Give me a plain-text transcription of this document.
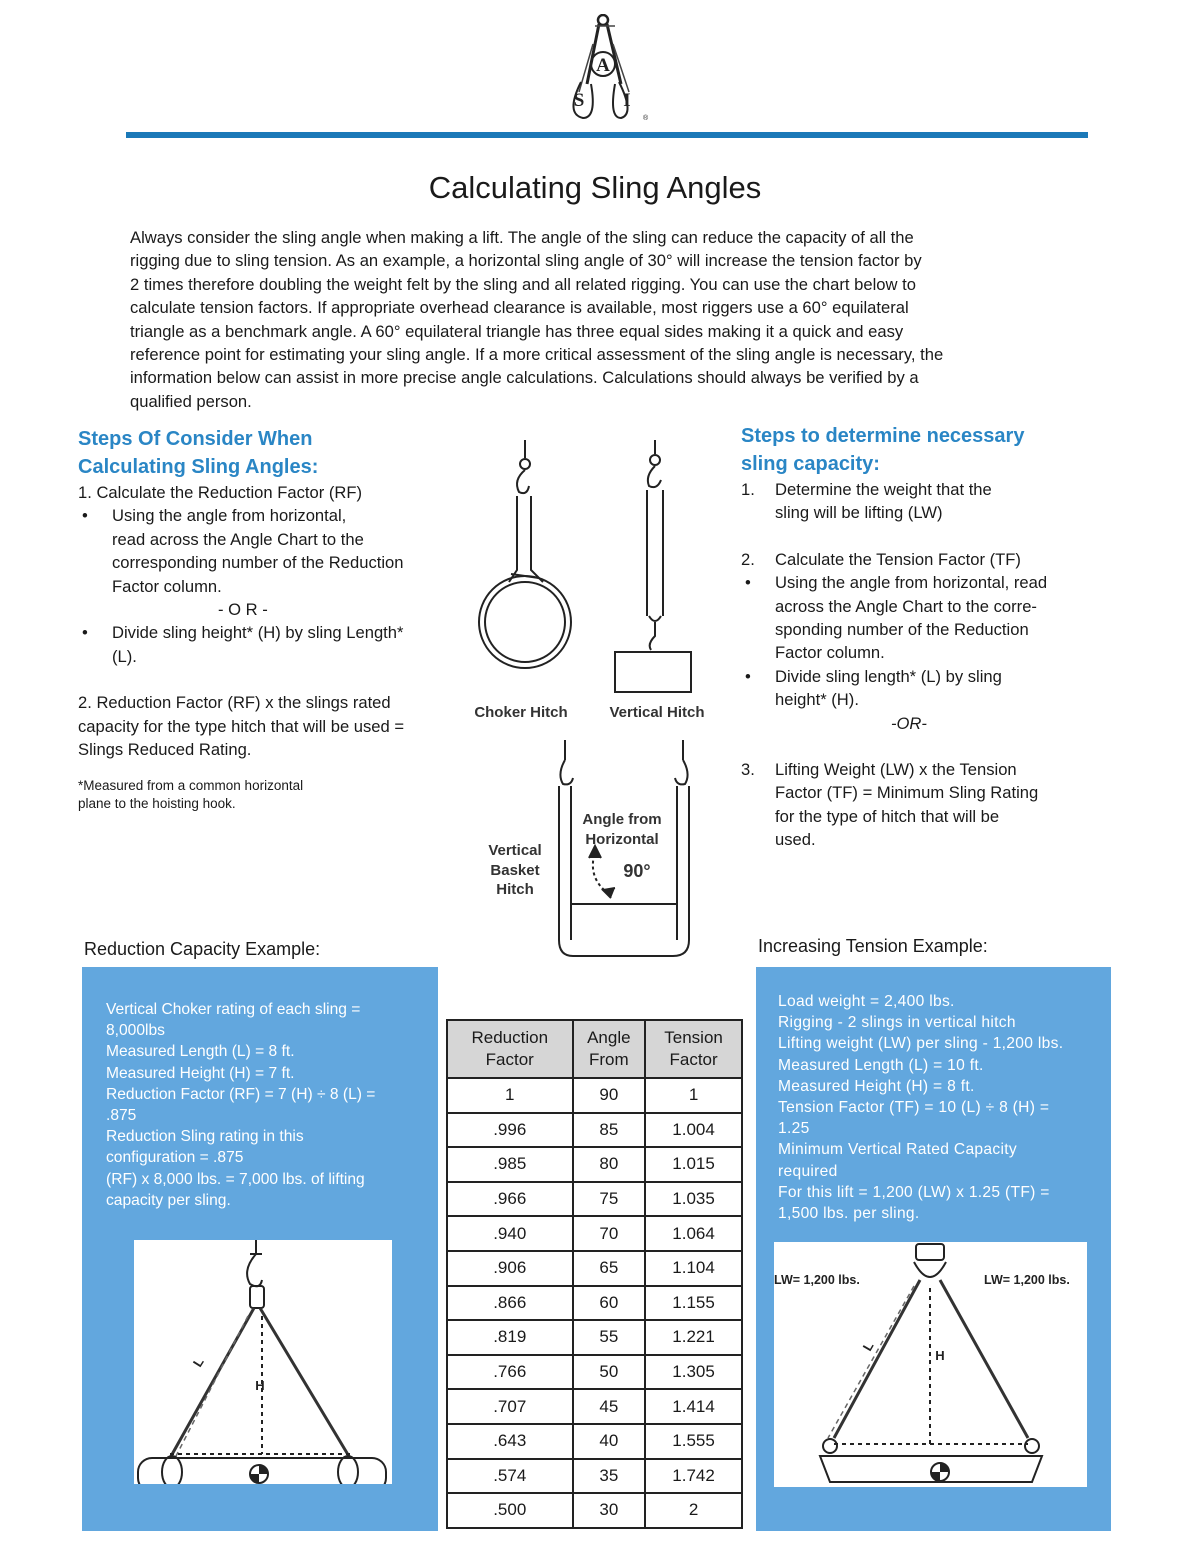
A
S I
®
Calculating Sling Angles
Always consider the sling angle when making a lift. The angle of the sling can reduce the capacity of all the
rigging due to sling tension. As an example, a horizontal sling angle of 30° will increase the tension factor by
2 times therefore doubling the weight felt by the sling and all related rigging. You can use the chart below to
calculate tension factors. If appropriate overhead clearance is available, most riggers use a 60° equilateral
triangle as a benchmark angle. A 60° equilateral triangle has three equal sides making it a quick and easy
reference point for estimating your sling angle. If a more critical assessment of the sling angle is necessary, the
information below can assist in more precise angle calculations. Calculations should always be verified by a
qualified person.
Steps Of Consider When
Calculating Sling Angles:
1. Calculate the Reduction Factor (RF)
•	Using the angle from horizontal,
read across the Angle Chart to the
corresponding number of the Reduction
Factor column.
- O R -
•	Divide sling height* (H) by sling Length*
(L).
2. Reduction Factor (RF) x the slings rated
capacity for the type hitch that will be used =
Slings Reduced Rating.
*Measured from a common horizontal
plane to the hoisting hook.
Choker Hitch	Vertical Hitch
Vertical
Basket
Hitch
Angle from
Horizontal
90°
Steps to determine necessary
sling capacity:
1.	Determine the weight that the
sling will be lifting (LW)
2.	Calculate the Tension Factor (TF)
•	Using the angle from horizontal, read
across the Angle Chart to the corre-
sponding number of the Reduction
Factor column.
•	Divide sling length* (L) by sling
height* (H).
-OR-
3.	Lifting Weight (LW) x the Tension
Factor (TF) = Minimum Sling Rating
for the type of hitch that will be
used.
Reduction Capacity Example:	Increasing Tension Example:
Vertical Choker rating of each sling =
8,000lbs
Measured Length (L) = 8 ft.
Measured Height (H) = 7 ft.
Reduction Factor (RF) = 7 (H) ÷ 8 (L) =
.875
Reduction Sling rating in this
configuration = .875
(RF) x 8,000 lbs. = 7,000 lbs. of lifting
capacity per sling.
L
H
Reduction
Factor	Angle
From	Tension
Factor

1	90	1
.996	85	1.004
.985	80	1.015
.966	75	1.035
.940	70	1.064
.906	65	1.104
.866	60	1.155
.819	55	1.221
.766	50	1.305
.707	45	1.414
.643	40	1.555
.574	35	1.742
.500	30	2
Load weight = 2,400 lbs.
Rigging - 2 slings in vertical hitch
Lifting weight (LW) per sling - 1,200 lbs.
Measured Length (L) = 10 ft.
Measured Height (H) = 8 ft.
Tension Factor (TF) = 10 (L) ÷ 8 (H) =
1.25
Minimum Vertical Rated Capacity
required
For this lift = 1,200 (LW) x 1.25 (TF) =
1,500 lbs. per sling.
LW= 1,200 lbs.	LW= 1,200 lbs.
L
H
